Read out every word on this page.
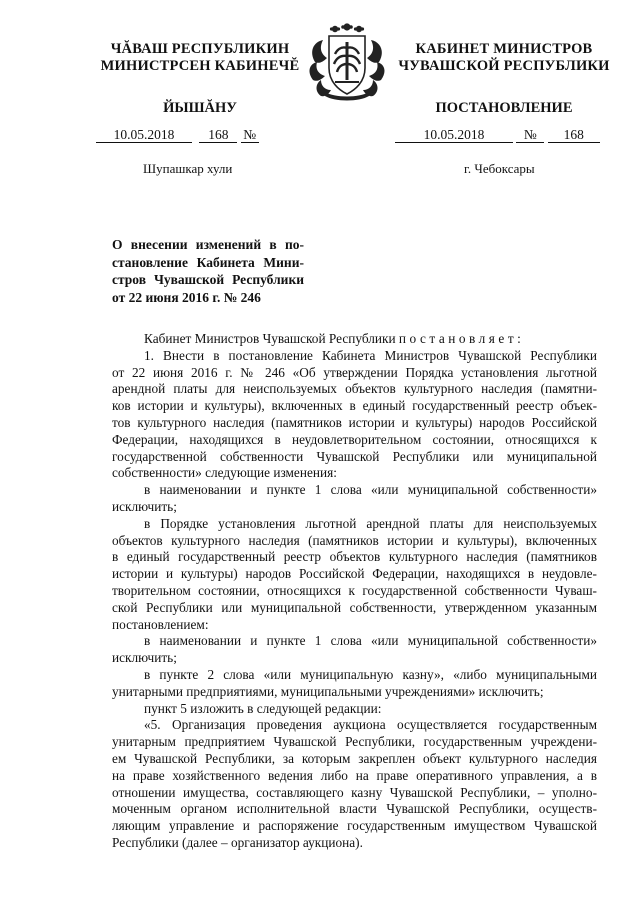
ЧĂВАШ РЕСПУБЛИКИН
МИНИСТРСЕН КАБИНЕЧĔ
ЙЫШĂНУ
КАБИНЕТ МИНИСТРОВ
ЧУВАШСКОЙ РЕСПУБЛИКИ
ПОСТАНОВЛЕНИЕ
10.05.2018	168 №	10.05.2018	№ 168
Шупашкар хули	г. Чебоксары
О внесении изменений в по-
становление Кабинета Мини-
стров Чувашской Республики
от 22 июня 2016 г. № 246

Кабинет Министров Чувашской Республики постановляет:

1. Внести в постановление Кабинета Министров Чувашской Республики
от 22 июня 2016 г. № 246 «Об утверждении Порядка установления льготной
арендной платы для неиспользуемых объектов культурного наследия (памятни-
ков истории и культуры), включенных в единый государственный реестр объек-
тов культурного наследия (памятников истории и культуры) народов Российской
Федерации, находящихся в неудовлетворительном состоянии, относящихся к
государственной собственности Чувашской Республики или муниципальной
собственности» следующие изменения:

в наименовании и пункте 1 слова «или муниципальной собственности»
исключить;

в Порядке установления льготной арендной платы для неиспользуемых
объектов культурного наследия (памятников истории и культуры), включенных
в единый государственный реестр объектов культурного наследия (памятников
истории и культуры) народов Российской Федерации, находящихся в неудовле-
творительном состоянии, относящихся к государственной собственности Чуваш-
ской Республики или муниципальной собственности, утвержденном указанным
постановлением:

в наименовании и пункте 1 слова «или муниципальной собственности»
исключить;

в пункте 2 слова «или муниципальную казну», «либо муниципальными
унитарными предприятиями, муниципальными учреждениями» исключить;

пункт 5 изложить в следующей редакции:

«5. Организация проведения аукциона осуществляется государственным
унитарным предприятием Чувашской Республики, государственным учреждени-
ем Чувашской Республики, за которым закреплен объект культурного наследия
на праве хозяйственного ведения либо на праве оперативного управления, а в
отношении имущества, составляющего казну Чувашской Республики, – уполно-
моченным органом исполнительной власти Чувашской Республики, осуществ-
ляющим управление и распоряжение государственным имуществом Чувашской
Республики (далее – организатор аукциона).
